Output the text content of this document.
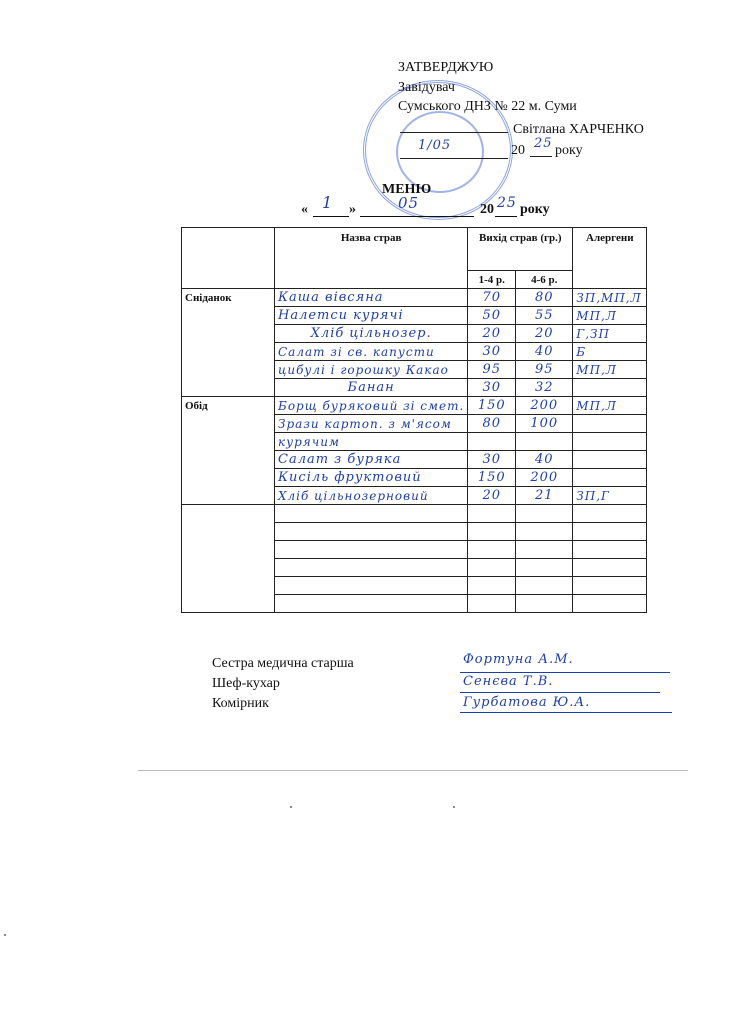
ЗАТВЕРДЖУЮ
Завідувач
Сумського ДНЗ № 22 м. Суми
Світлана ХАРЧЕНКО
1/05	20 25 року
МЕНЮ
« 1 »	05	20 25 року
	Назва страв	Вихід страв (гр.)		Алергени
		1-4 р.	4-6 р.	
Сніданок	Каша вівсяна	70	80	ЗП,МП,Л
	Налетси курячі	50	55	МП,Л
	Хліб цільнозер.	20	20	Г,ЗП
	Салат зі св. капусти	30	40	Б
	цибулі і горошку Какао	95	95	МП,Л
	Банан	30	32	
Обід	Борщ буряковий зі смет.	150	200	МП,Л
	Зрази картоп. з м'ясом	80	100	
	курячим			
	Салат з буряка	30	40	
	Кисіль фруктовий	150	200	
	Хліб цільнозерновий	20	21	ЗП,Г

Сестра медична старша	Фортуна А.М.
Шеф-кухар	Сенєва Т.В.
Комірник	Гурбатова Ю.А.
